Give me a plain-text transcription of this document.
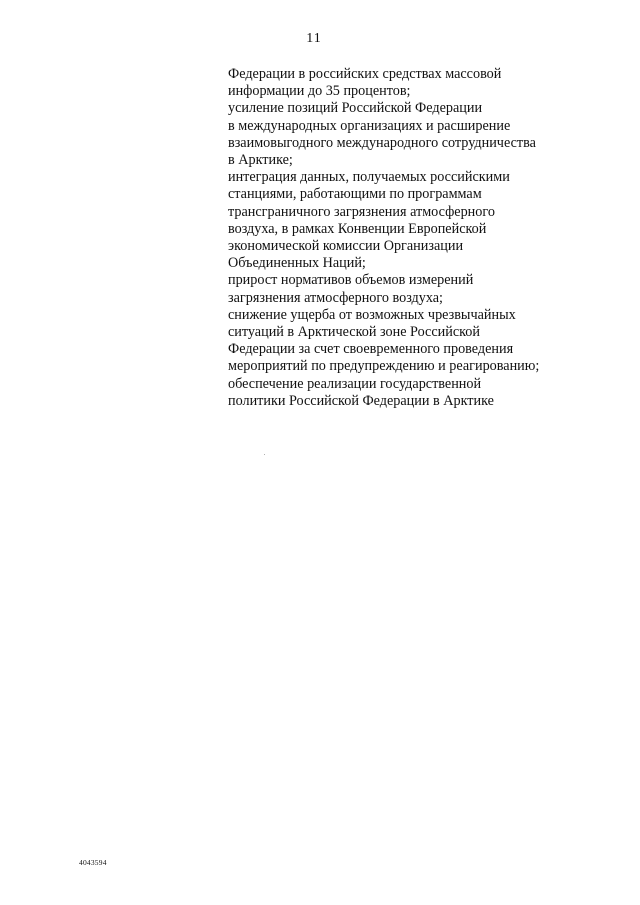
11
Федерации в российских средствах массовой
информации до 35 процентов;
усиление позиций Российской Федерации
в международных организациях и расширение
взаимовыгодного международного сотрудничества
в Арктике;
интеграция данных, получаемых российскими
станциями, работающими по программам
трансграничного загрязнения атмосферного
воздуха, в рамках Конвенции Европейской
экономической комиссии Организации
Объединенных Наций;
прирост нормативов объемов измерений
загрязнения атмосферного воздуха;
снижение ущерба от возможных чрезвычайных
ситуаций в Арктической зоне Российской
Федерации за счет своевременного проведения
мероприятий по предупреждению и реагированию;
обеспечение реализации государственной
политики Российской Федерации в Арктике
4043594
